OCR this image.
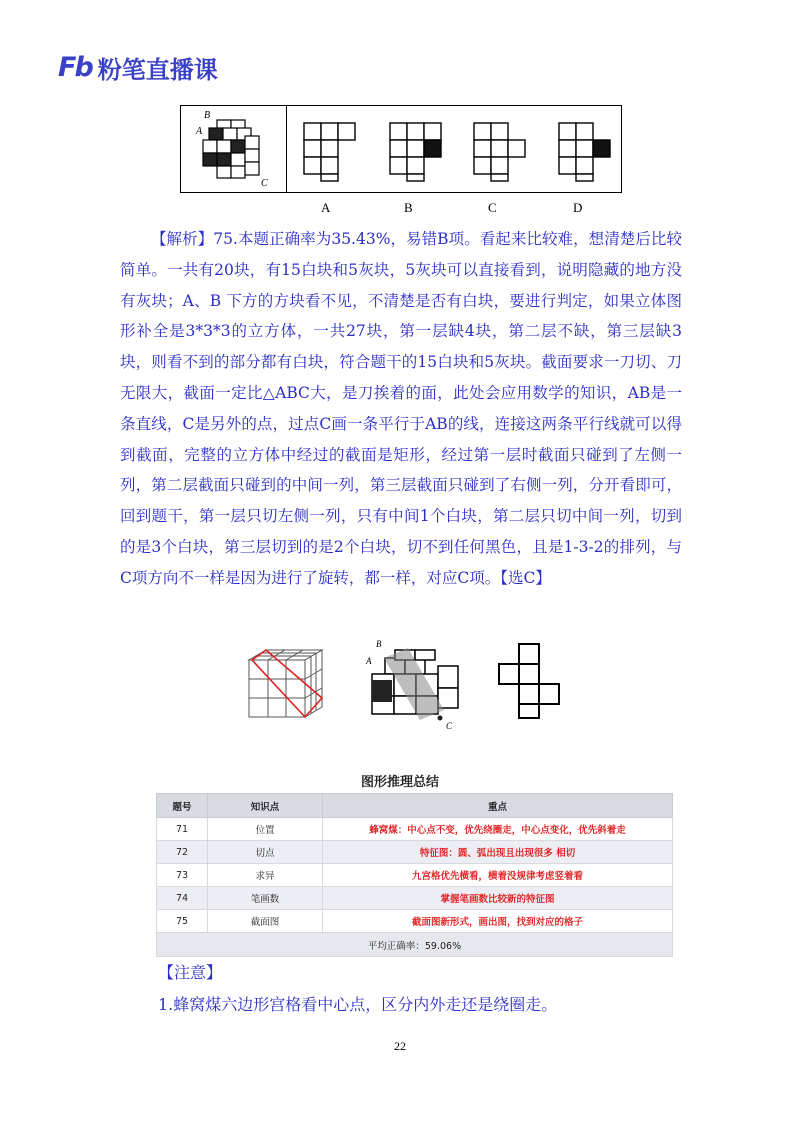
Fb 粉笔直播课
B
A
C
A	B	C	D

【解析】75.本题正确率为35.43%，易错B项。看起来比较难，想清楚后比较简单。一共有20块，有15白块和5灰块，5灰块可以直接看到，说明隐藏的地方没有灰块；A、B 下方的方块看不见，不清楚是否有白块，要进行判定，如果立体图形补全是3*3*3的立方体，一共27块，第一层缺4块，第二层不缺，第三层缺3块，则看不到的部分都有白块，符合题干的15白块和5灰块。截面要求一刀切、刀无限大，截面一定比△ABC大，是刀挨着的面，此处会应用数学的知识，AB是一条直线，C是另外的点，过点C画一条平行于AB的线，连接这两条平行线就可以得到截面，完整的立方体中经过的截面是矩形，经过第一层时截面只碰到了左侧一列，第二层截面只碰到的中间一列，第三层截面只碰到了右侧一列，分开看即可，回到题干，第一层只切左侧一列，只有中间1个白块，第二层只切中间一列，切到的是3个白块，第三层切到的是2个白块，切不到任何黑色，且是1-3-2的排列，与C项方向不一样是因为进行了旋转，都一样，对应C项。【选C】

B
A
C
图形推理总结
题号	知识点	重点
71	位置	蜂窝煤：中心点不变，优先绕圈走，中心点变化，优先斜着走
72	切点	特征图：圆、弧出现且出现很多 相切
73	求异	九宫格优先横看，横着没规律考虑竖着看
74	笔画数	掌握笔画数比较新的特征图
75	截面图	截面图新形式，画出图，找到对应的格子
平均正确率：59.06%		
【注意】
1.蜂窝煤六边形宫格看中心点，区分内外走还是绕圈走。
22
